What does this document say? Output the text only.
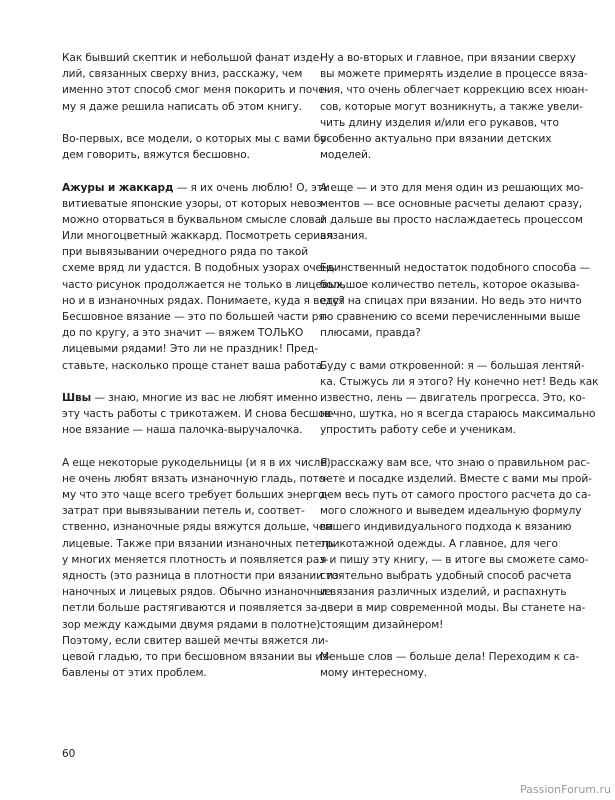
Как бывший скептик и небольшой фанат изде-
лий, связанных сверху вниз, расскажу, чем
именно этот способ смог меня покорить и поче-
му я даже решила написать об этом книгу.
Во-первых, все модели, о которых мы с вами бу-
дем говорить, вяжутся бесшовно.
Ажуры и жаккард — я их очень люблю! О, эти
витиеватые японские узоры, от которых невоз-
можно оторваться в буквальном смысле слова!
Или многоцветный жаккард. Посмотреть сериал
при вывязывании очередного ряда по такой
схеме вряд ли удастся. В подобных узорах очень
часто рисунок продолжается не только в лицевых,
но и в изнаночных рядах. Понимаете, куда я веду?
Бесшовное вязание — это по большей части ря-
до по кругу, а это значит — вяжем ТОЛЬКО
лицевыми рядами! Это ли не праздник! Пред-
ставьте, насколько проще станет ваша работа.
Швы — знаю, многие из вас не любят именно
эту часть работы с трикотажем. И снова бесшов-
ное вязание — наша палочка-выручалочка.
А еще некоторые рукодельницы (и я в их числе)
не очень любят вязать изнаночную гладь, пото-
му что это чаще всего требует больших энерго-
затрат при вывязывании петель и, соответ-
ственно, изнаночные ряды вяжутся дольше, чем
лицевые. Также при вязании изнаночных петель
у многих меняется плотность и появляется раз-
ядность (это разница в плотности при вязании из-
наночных и лицевых рядов. Обычно изнаночные
петли больше растягиваются и появляется за-
зор между каждыми двумя рядами в полотне).
Поэтому, если свитер вашей мечты вяжется ли-
цевой гладью, то при бесшовном вязании вы из-
бавлены от этих проблем.
Ну а во-вторых и главное, при вязании сверху
вы можете примерять изделие в процессе вяза-
ния, что очень облегчает коррекцию всех нюан-
сов, которые могут возникнуть, а также увели-
чить длину изделия и/или его рукавов, что
особенно актуально при вязании детских
моделей.
А еще — и это для меня один из решающих мо-
ментов — все основные расчеты делают сразу,
и дальше вы просто наслаждаетесь процессом
вязания.
Единственный недостаток подобного способа —
большое количество петель, которое оказыва-
ется на спицах при вязании. Но ведь это ничто
по сравнению со всеми перечисленными выше
плюсами, правда?
Буду с вами откровенной: я — большая лентяй-
ка. Стыжусь ли я этого? Ну конечно нет! Ведь как
известно, лень — двигатель прогресса. Это, ко-
нечно, шутка, но я всегда стараюсь максимально
упростить работу себе и ученикам.
Я расскажу вам все, что знаю о правильном рас-
чете и посадке изделий. Вместе с вами мы прой-
дем весь путь от самого простого расчета до са-
мого сложного и выведем идеальную формулу
вашего индивидуального подхода к вязанию
трикотажной одежды. А главное, для чего
я и пишу эту книгу, — в итоге вы сможете само-
стоятельно выбрать удобный способ расчета
и вязания различных изделий, и распахнуть
двери в мир современной моды. Вы станете на-
стоящим дизайнером!
Меньше слов — больше дела! Переходим к са-
мому интересному.
60
PassionForum.ru
